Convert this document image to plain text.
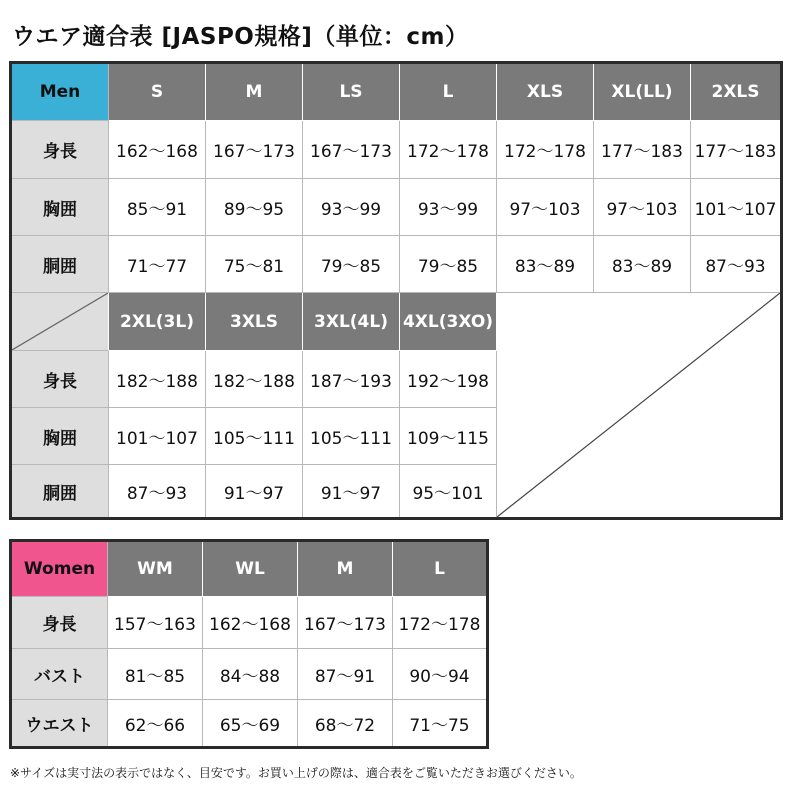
ウエア適合表 [JASPO規格]（単位：cm）
Men	S	M	LS	L	XLS	XL(LL)	2XLS
身長	162〜168 167〜173 167〜173 172〜178 172〜178 177〜183 177〜183
胸囲	85〜91	89〜95	93〜99	93〜99	97〜103	97〜103	101〜107
胴囲	71〜77	75〜81	79〜85	79〜85	83〜89	83〜89	87〜93
2XL(3L)	3XLS	3XL(4L) 4XL(3XO)
身長	182〜188 182〜188 187〜193 192〜198
胸囲	101〜107 105〜111 105〜111 109〜115
胴囲	87〜93	91〜97	91〜97	95〜101
Women	WM	WL	M	L
身長	157〜163 162〜168 167〜173 172〜178
バスト	81〜85	84〜88	87〜91	90〜94
ウエスト	62〜66	65〜69	68〜72	71〜75
※サイズは実寸法の表示ではなく、目安です。お買い上げの際は、適合表をご覧いただきお選びください。
